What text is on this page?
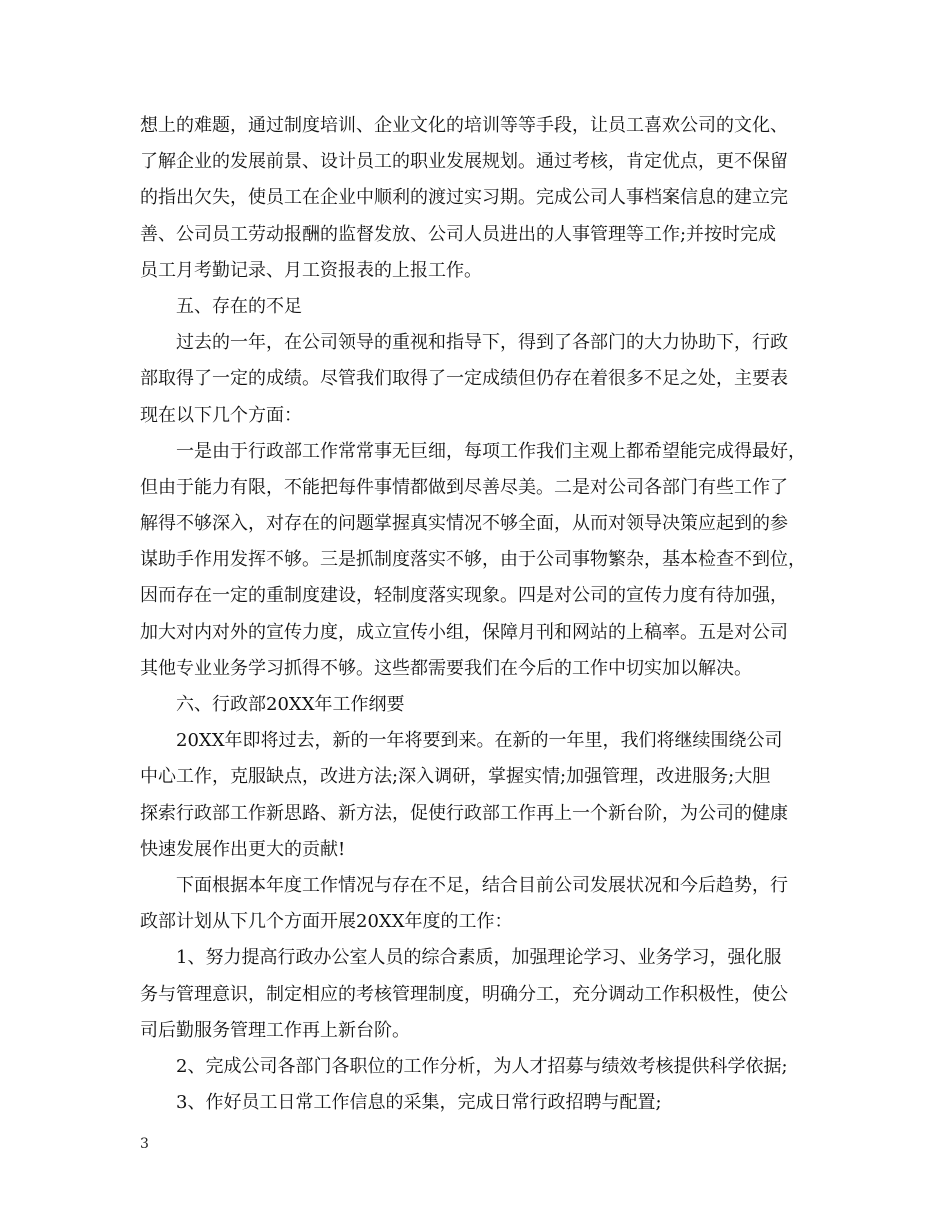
想上的难题，通过制度培训、企业文化的培训等等手段，让员工喜欢公司的文化、
了解企业的发展前景、设计员工的职业发展规划。通过考核，肯定优点，更不保留
的指出欠失，使员工在企业中顺利的渡过实习期。完成公司人事档案信息的建立完
善、公司员工劳动报酬的监督发放、公司人员进出的人事管理等工作;并按时完成
员工月考勤记录、月工资报表的上报工作。
五、存在的不足
过去的一年，在公司领导的重视和指导下，得到了各部门的大力协助下，行政
部取得了一定的成绩。尽管我们取得了一定成绩但仍存在着很多不足之处，主要表
现在以下几个方面：
一是由于行政部工作常常事无巨细，每项工作我们主观上都希望能完成得最好，
但由于能力有限，不能把每件事情都做到尽善尽美。二是对公司各部门有些工作了
解得不够深入，对存在的问题掌握真实情况不够全面，从而对领导决策应起到的参
谋助手作用发挥不够。三是抓制度落实不够，由于公司事物繁杂，基本检查不到位，
因而存在一定的重制度建设，轻制度落实现象。四是对公司的宣传力度有待加强，
加大对内对外的宣传力度，成立宣传小组，保障月刊和网站的上稿率。五是对公司
其他专业业务学习抓得不够。这些都需要我们在今后的工作中切实加以解决。
六、行政部20XX年工作纲要
20XX年即将过去，新的一年将要到来。在新的一年里，我们将继续围绕公司
中心工作，克服缺点，改进方法;深入调研，掌握实情;加强管理，改进服务;大胆
探索行政部工作新思路、新方法，促使行政部工作再上一个新台阶，为公司的健康
快速发展作出更大的贡献!
下面根据本年度工作情况与存在不足，结合目前公司发展状况和今后趋势，行
政部计划从下几个方面开展20XX年度的工作：
1、努力提高行政办公室人员的综合素质，加强理论学习、业务学习，强化服
务与管理意识，制定相应的考核管理制度，明确分工，充分调动工作积极性，使公
司后勤服务管理工作再上新台阶。
2、完成公司各部门各职位的工作分析，为人才招募与绩效考核提供科学依据;
3、作好员工日常工作信息的采集，完成日常行政招聘与配置;
3
